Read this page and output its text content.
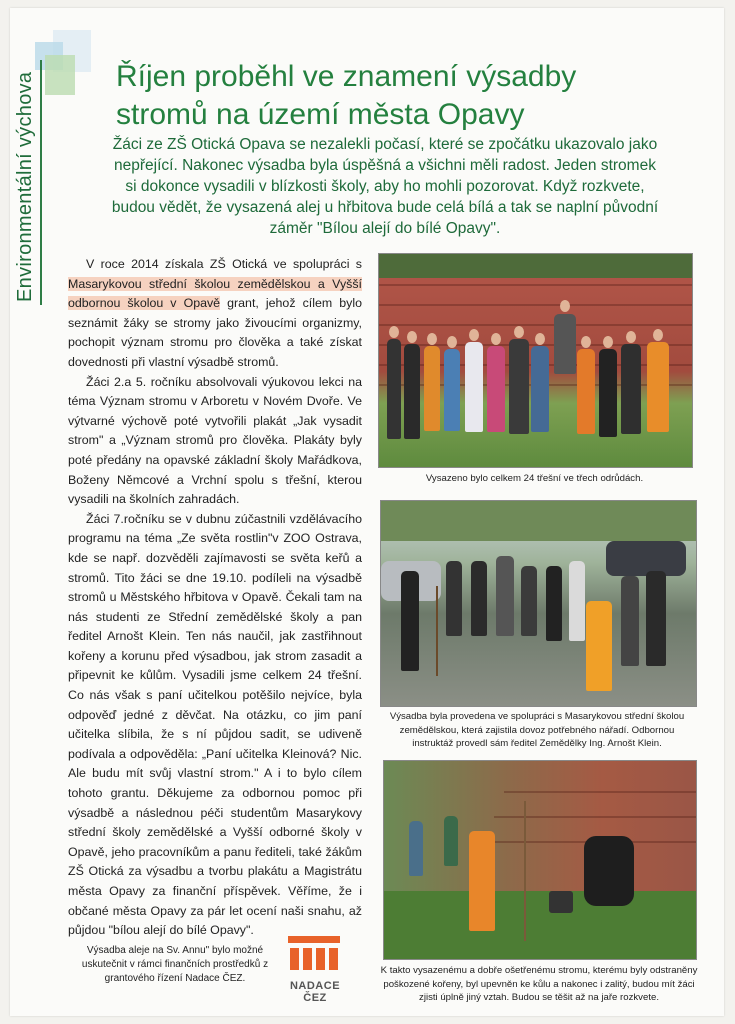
Environmentální výchova	Říjen proběhl ve znamení výsadby stromů na území města Opavy
Žáci ze ZŠ Otická Opava se nezalekli počasí, které se zpočátku ukazovalo jako nepřející. Nakonec výsadba byla úspěšná a všichni měli radost. Jeden stromek si dokonce vysadili v blízkosti školy, aby ho mohli pozorovat. Když rozkvete, budou vědět, že vysazená alej u hřbitova bude celá bílá a tak se naplní původní záměr "Bílou alejí do bílé Opavy".

V roce 2014 získala ZŠ Otická ve spolupráci s Masarykovou střední školou zemědělskou a Vyšší odbornou školou v Opavě grant, jehož cílem bylo seznámit žáky se stromy jako živoucími organizmy, pochopit význam stromu pro člověka a také získat dovednosti při vlastní výsadbě stromů.

Žáci 2.a 5. ročníku absolvovali výukovou lekci na téma Význam stromu v Arboretu v Novém Dvoře. Ve výtvarné výchově poté vytvořili plakát „Jak vysadit strom" a „Význam stromů pro člověka. Plakáty byly poté předány na opavské základní školy Mařádkova, Boženy Němcové a Vrchní spolu s třešní, kterou vysadili na školních zahradách.

Žáci 7.ročníku se v dubnu zúčastnili vzdělávacího programu na téma „Ze světa rostlin"v ZOO Ostrava, kde se např. dozvěděli zajímavosti se světa keřů a stromů. Tito žáci se dne 19.10. podíleli na výsadbě stromů u Městského hřbitova v Opavě. Čekali tam na nás studenti ze Střední zemědělské školy a pan ředitel Arnošt Klein. Ten nás naučil, jak zastřihnout kořeny a korunu před výsadbou, jak strom zasadit a připevnit ke kůlům. Vysadili jsme celkem 24 třešní. Co nás však s paní učitelkou potěšilo nejvíce, byla odpověď jedné z děvčat. Na otázku, co jim paní učitelka slíbila, že s ní půjdou sadit, se udiveně podívala a odpověděla: „Paní učitelka Kleinová? Nic. Ale budu mít svůj vlastní strom." A i to bylo cílem tohoto grantu. Děkujeme za odbornou pomoc při výsadbě a následnou péči studentům Masarykovy střední školy zemědělské a Vyšší odborné školy v Opavě, jeho pracovníkům a panu řediteli, také žákům ZŠ Otická za výsadbu a tvorbu plakátu a Magistrátu města Opavy za finanční příspěvek. Věříme, že i občané města Opavy za pár let ocení naši snahu, až půjdou "bílou alejí do bílé Opavy".

Vysazeno bylo celkem 24 třešní ve třech odrůdách.
Výsadba byla provedena ve spolupráci s Masarykovou střední školou zemědělskou, která zajistila dovoz potřebného nářadí. Odbornou instruktáž provedl sám ředitel Zemědělky Ing. Arnošt Klein.
K takto vysazenému a dobře ošetřenému stromu, kterému byly odstraněny poškozené kořeny, byl upevněn ke kůlu a nakonec i zalitý, budou mít žáci zjisti úplně jiný vztah. Budou se těšit až na jaře rozkvete.
Výsadba aleje na Sv. Annu" bylo možné uskutečnit v rámci finančních prostředků z grantového řízení Nadace ČEZ.
NADACE ČEZ
